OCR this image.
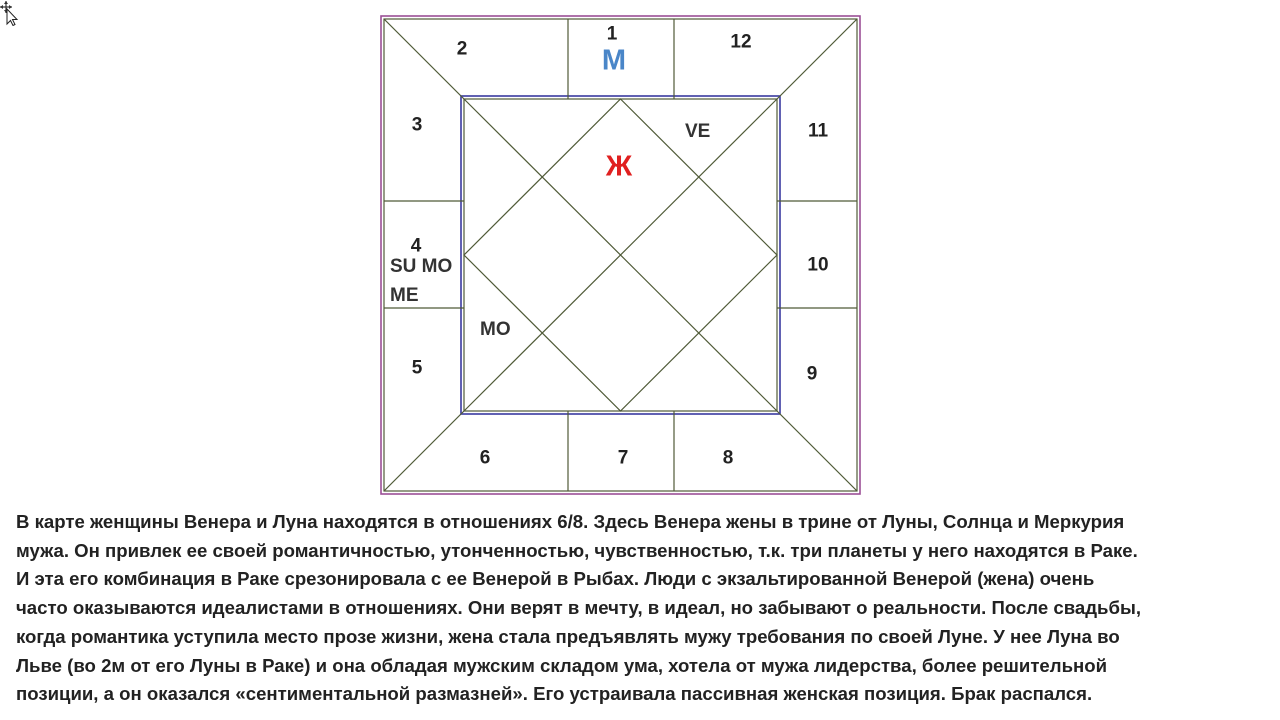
1
2
3
4
5
6	7	8
9
10
11
12
SU MO
ME
VE
MO
М
Ж

В карте женщины Венера и Луна находятся в отношениях 6/8. Здесь Венера жены в трине от Луны, Солнца и Меркурия
мужа. Он привлек ее своей романтичностью, утонченностью, чувственностью, т.к. три планеты у него находятся в Раке.
И эта его комбинация в Раке срезонировала с ее Венерой в Рыбах. Люди с экзальтированной Венерой (жена) очень
часто оказываются идеалистами в отношениях. Они верят в мечту, в идеал, но забывают о реальности. После свадьбы,
когда романтика уступила место прозе жизни, жена стала предъявлять мужу требования по своей Луне. У нее Луна во
Льве (во 2м от его Луны в Раке) и она обладая мужским складом ума, хотела от мужа лидерства, более решительной
позиции, а он оказался «сентиментальной размазней». Его устраивала пассивная женская позиция. Брак распался.
